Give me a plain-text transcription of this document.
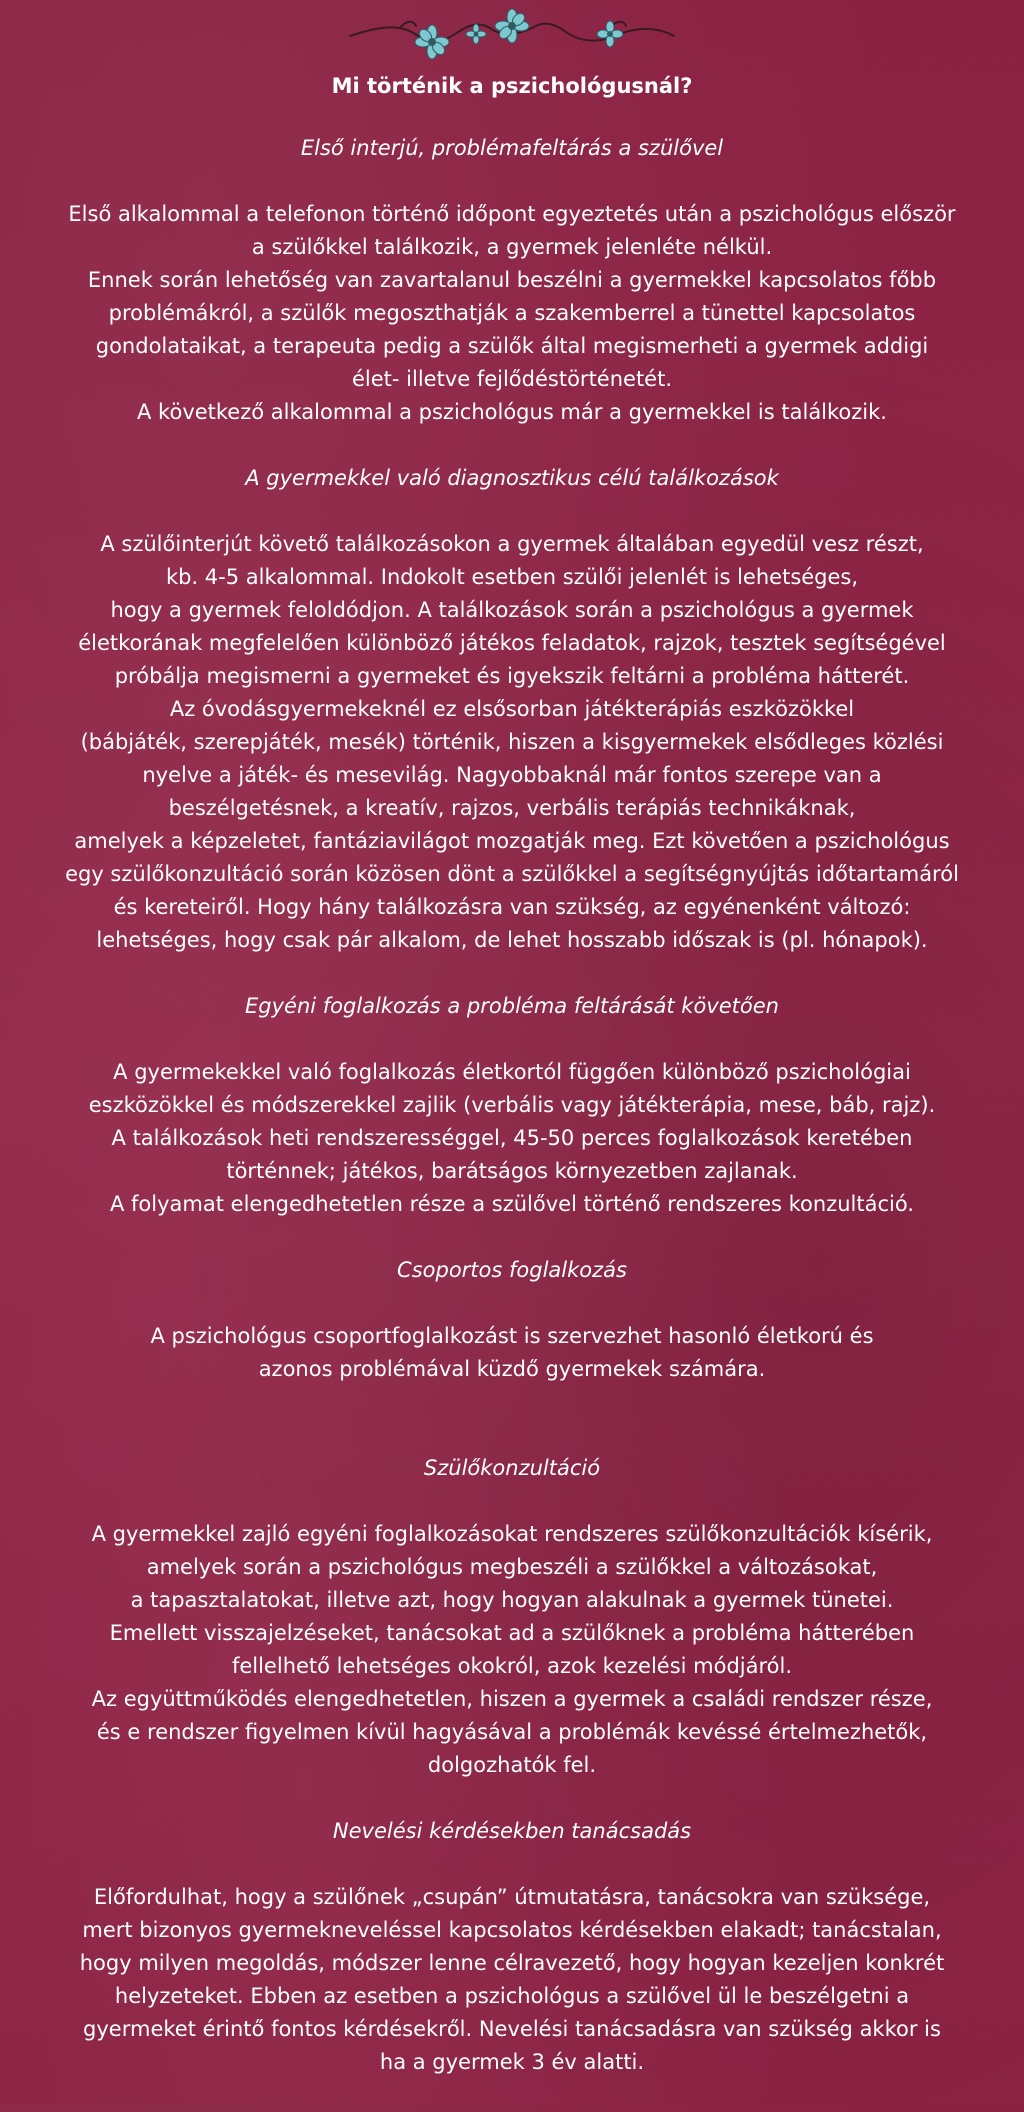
Mi történik a pszichológusnál?
Első interjú, problémafeltárás a szülővel
Első alkalommal a telefonon történő időpont egyeztetés után a pszichológus először
a szülőkkel találkozik, a gyermek jelenléte nélkül.
Ennek során lehetőség van zavartalanul beszélni a gyermekkel kapcsolatos főbb
problémákról, a szülők megoszthatják a szakemberrel a tünettel kapcsolatos
gondolataikat, a terapeuta pedig a szülők által megismerheti a gyermek addigi
élet- illetve fejlődéstörténetét.
A következő alkalommal a pszichológus már a gyermekkel is találkozik.
A gyermekkel való diagnosztikus célú találkozások
A szülőinterjút követő találkozásokon a gyermek általában egyedül vesz részt,
kb. 4-5 alkalommal. Indokolt esetben szülői jelenlét is lehetséges,
hogy a gyermek feloldódjon. A találkozások során a pszichológus a gyermek
életkorának megfelelően különböző játékos feladatok, rajzok, tesztek segítségével
próbálja megismerni a gyermeket és igyekszik feltárni a probléma hátterét.
Az óvodásgyermekeknél ez elsősorban játékterápiás eszközökkel
(bábjáték, szerepjáték, mesék) történik, hiszen a kisgyermekek elsődleges közlési
nyelve a játék- és mesevilág. Nagyobbaknál már fontos szerepe van a
beszélgetésnek, a kreatív, rajzos, verbális terápiás technikáknak,
amelyek a képzeletet, fantáziavilágot mozgatják meg. Ezt követően a pszichológus
egy szülőkonzultáció során közösen dönt a szülőkkel a segítségnyújtás időtartamáról
és kereteiről. Hogy hány találkozásra van szükség, az egyénenként változó:
lehetséges, hogy csak pár alkalom, de lehet hosszabb időszak is (pl. hónapok).
Egyéni foglalkozás a probléma feltárását követően
A gyermekekkel való foglalkozás életkortól függően különböző pszichológiai
eszközökkel és módszerekkel zajlik (verbális vagy játékterápia, mese, báb, rajz).
A találkozások heti rendszerességgel, 45-50 perces foglalkozások keretében
történnek; játékos, barátságos környezetben zajlanak.
A folyamat elengedhetetlen része a szülővel történő rendszeres konzultáció.
Csoportos foglalkozás
A pszichológus csoportfoglalkozást is szervezhet hasonló életkorú és
azonos problémával küzdő gyermekek számára.
Szülőkonzultáció
A gyermekkel zajló egyéni foglalkozásokat rendszeres szülőkonzultációk kísérik,
amelyek során a pszichológus megbeszéli a szülőkkel a változásokat,
a tapasztalatokat, illetve azt, hogy hogyan alakulnak a gyermek tünetei.
Emellett visszajelzéseket, tanácsokat ad a szülőknek a probléma hátterében
fellelhető lehetséges okokról, azok kezelési módjáról.
Az együttműködés elengedhetetlen, hiszen a gyermek a családi rendszer része,
és e rendszer figyelmen kívül hagyásával a problémák kevéssé értelmezhetők,
dolgozhatók fel.
Nevelési kérdésekben tanácsadás
Előfordulhat, hogy a szülőnek „csupán” útmutatásra, tanácsokra van szüksége,
mert bizonyos gyermekneveléssel kapcsolatos kérdésekben elakadt; tanácstalan,
hogy milyen megoldás, módszer lenne célravezető, hogy hogyan kezeljen konkrét
helyzeteket. Ebben az esetben a pszichológus a szülővel ül le beszélgetni a
gyermeket érintő fontos kérdésekről. Nevelési tanácsadásra van szükség akkor is
ha a gyermek 3 év alatti.
